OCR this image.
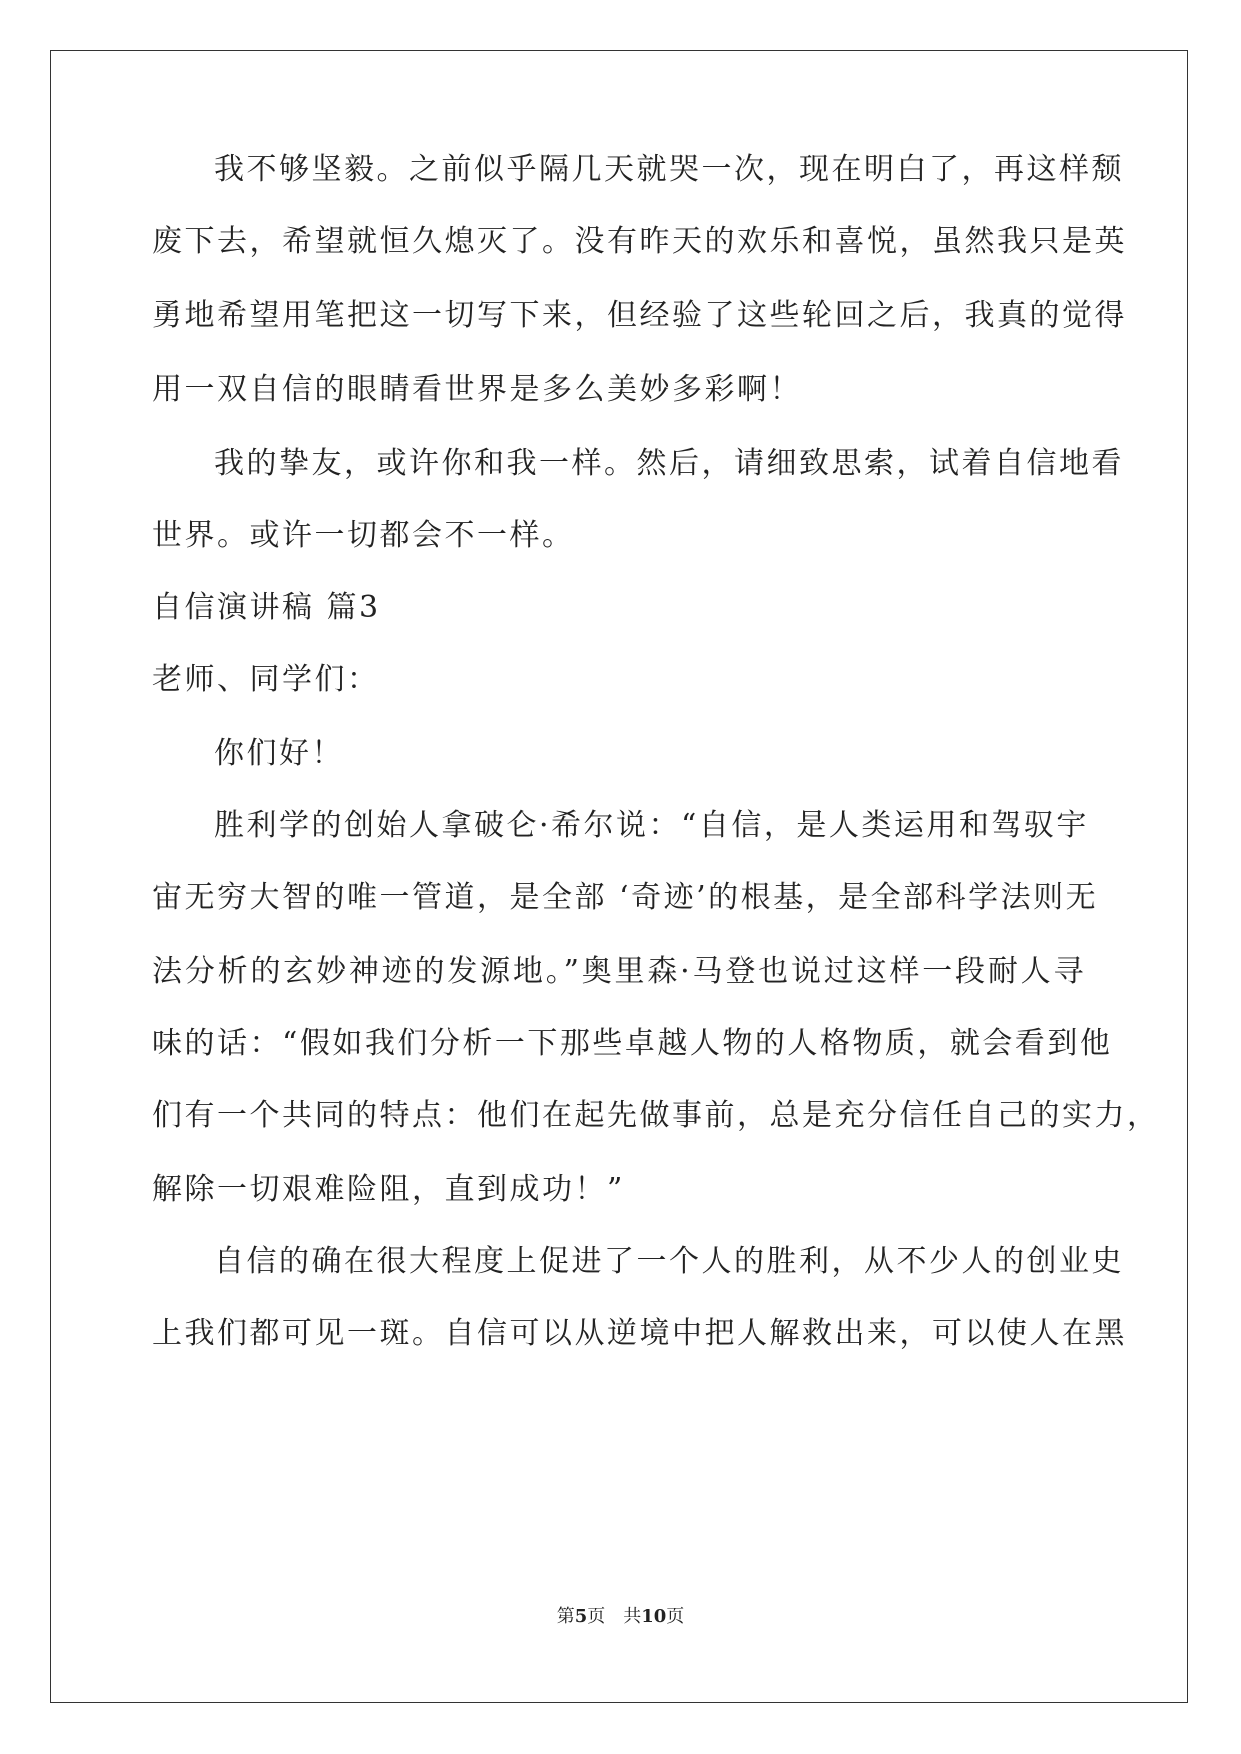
我不够坚毅。之前似乎隔几天就哭一次，现在明白了，再这样颓
废下去，希望就恒久熄灭了。没有昨天的欢乐和喜悦，虽然我只是英
勇地希望用笔把这一切写下来，但经验了这些轮回之后，我真的觉得
用一双自信的眼睛看世界是多么美妙多彩啊！
我的挚友，或许你和我一样。然后，请细致思索，试着自信地看
世界。或许一切都会不一样。
自信演讲稿 篇3
老师、同学们：
你们好！
胜利学的创始人拿破仑·希尔说：“自信，是人类运用和驾驭宇
宙无穷大智的唯一管道，是全部 ‘奇迹’的根基，是全部科学法则无
法分析的玄妙神迹的发源地。”奥里森·马登也说过这样一段耐人寻
味的话：“假如我们分析一下那些卓越人物的人格物质，就会看到他
们有一个共同的特点：他们在起先做事前，总是充分信任自己的实力，
解除一切艰难险阻，直到成功！”
自信的确在很大程度上促进了一个人的胜利，从不少人的创业史
上我们都可见一斑。自信可以从逆境中把人解救出来，可以使人在黑
第5页　共10页
